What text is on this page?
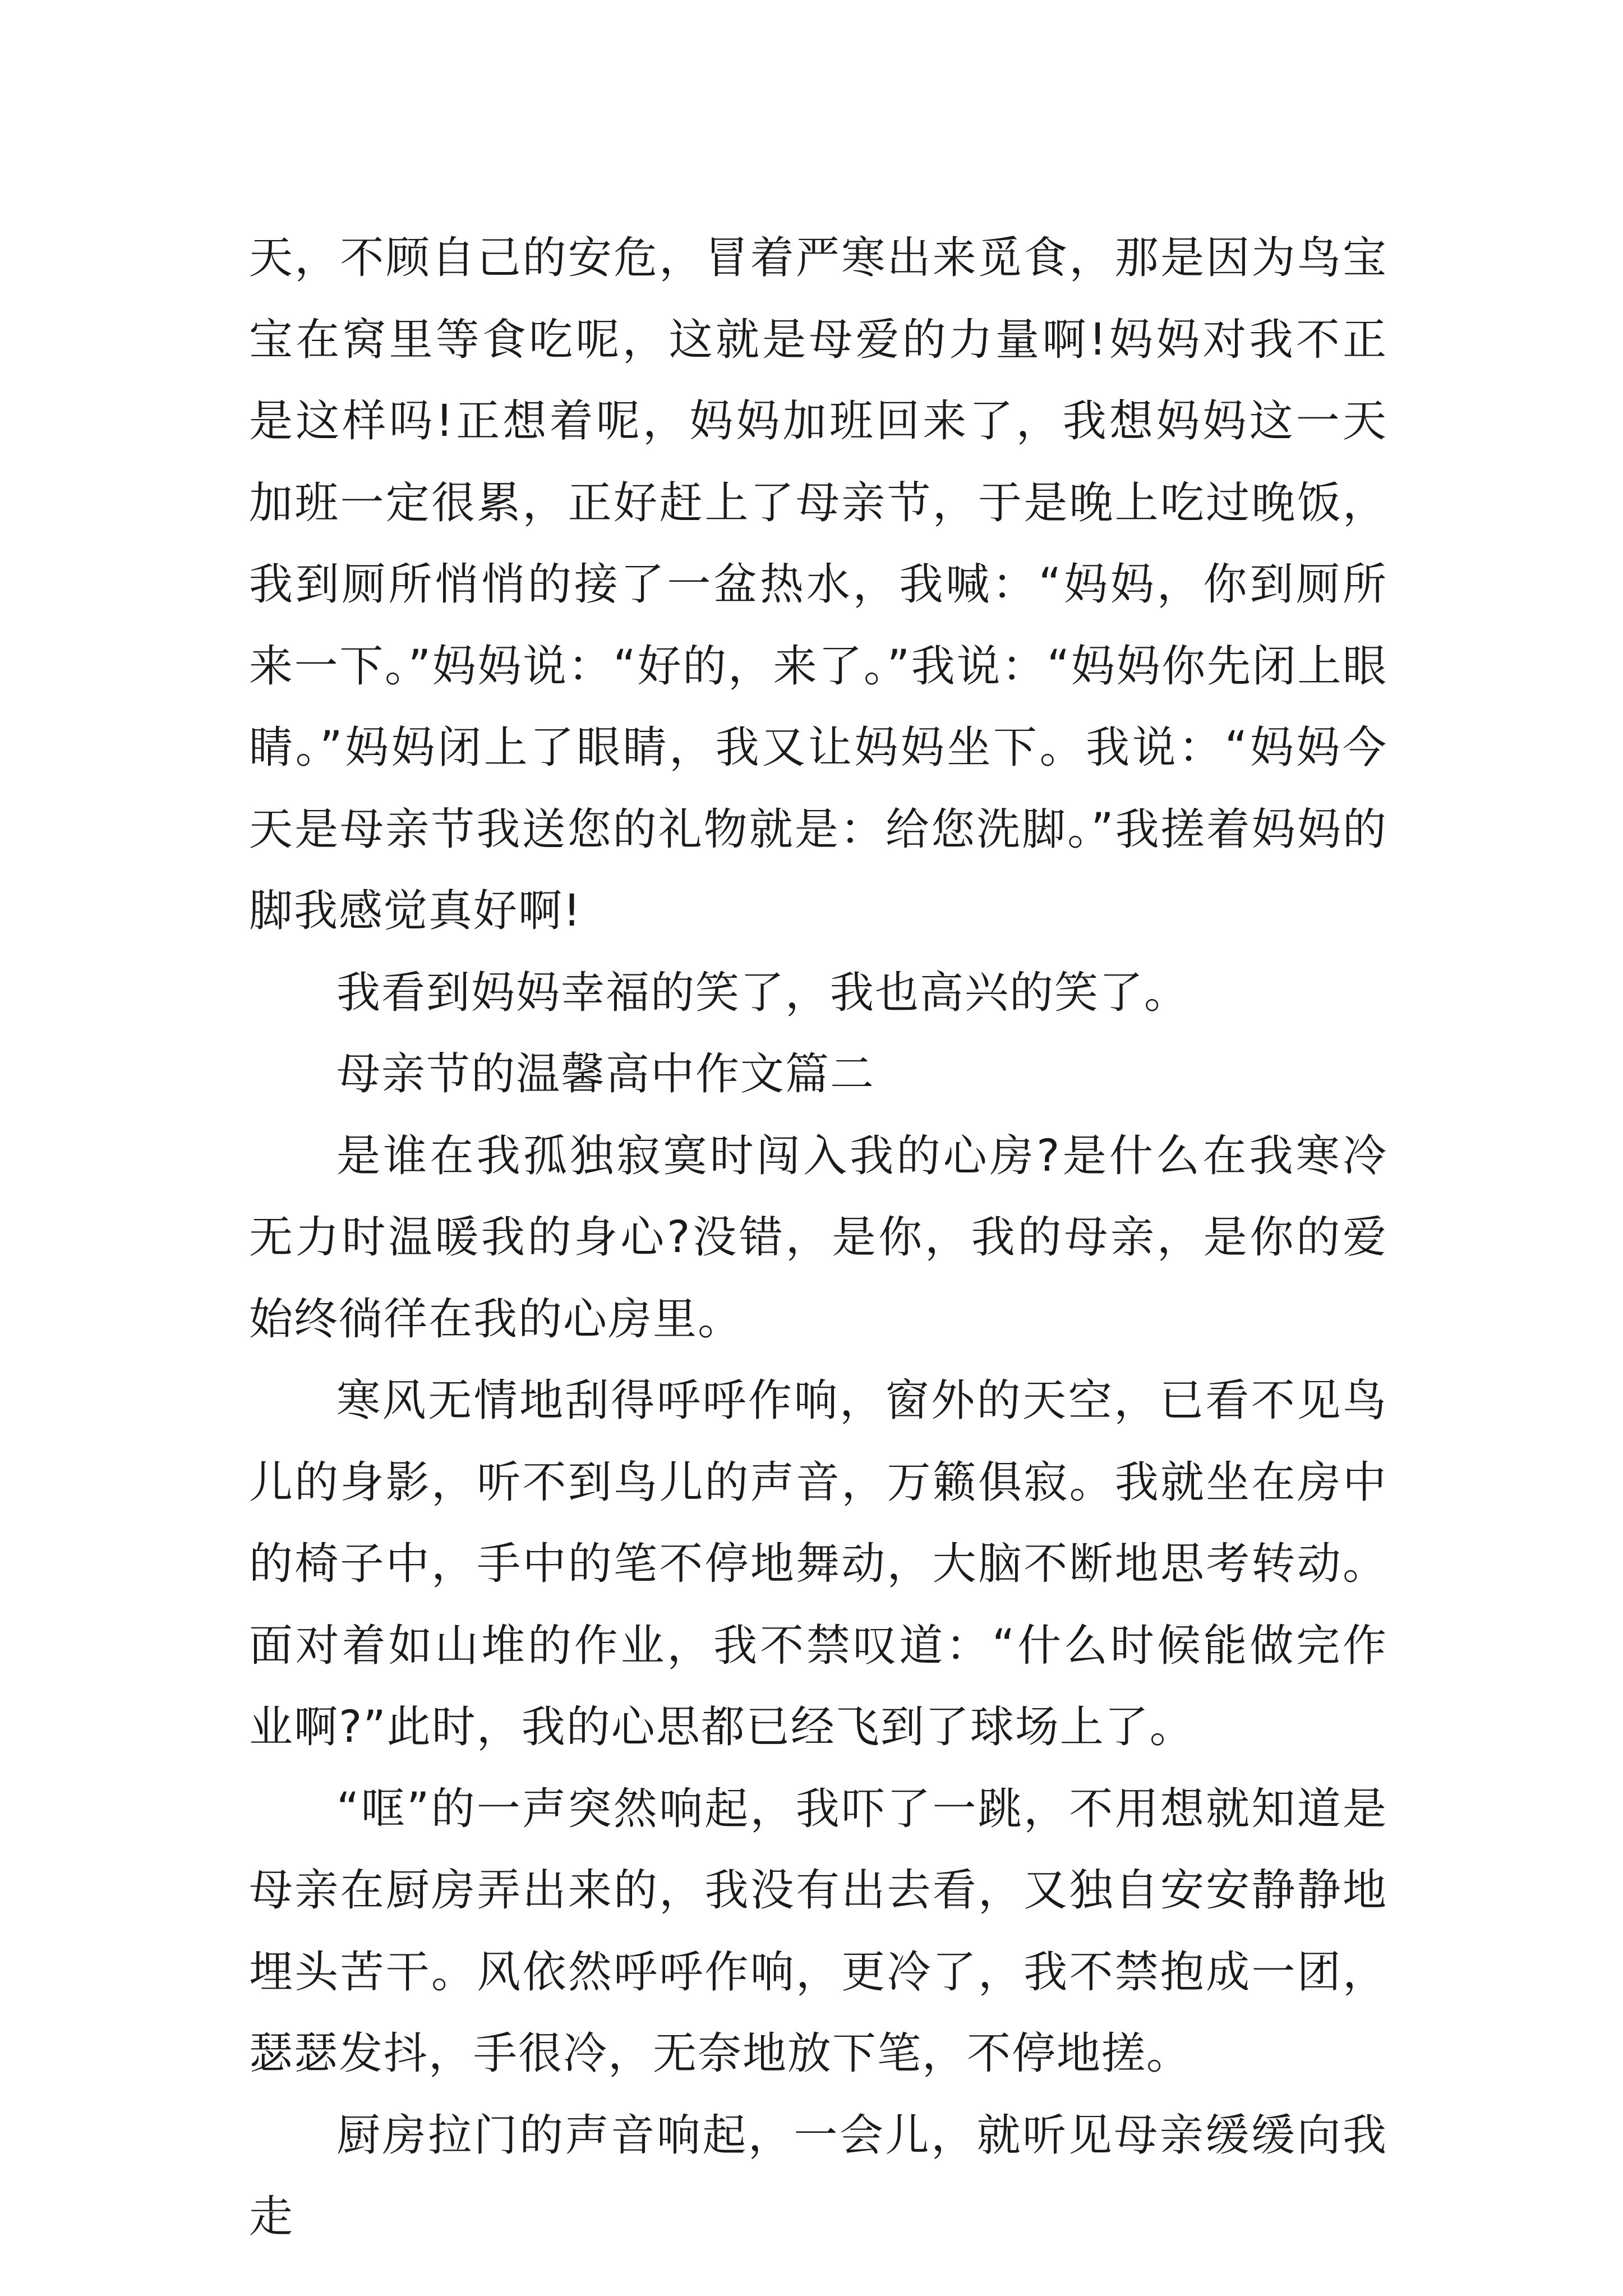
天，不顾自己的安危，冒着严寒出来觅食，那是因为鸟宝宝在窝里等食吃呢，这就是母爱的力量啊!妈妈对我不正是这样吗!正想着呢，妈妈加班回来了，我想妈妈这一天加班一定很累，正好赶上了母亲节，于是晚上吃过晚饭，我到厕所悄悄的接了一盆热水，我喊：“妈妈，你到厕所来一下。”妈妈说：“好的，来了。”我说：“妈妈你先闭上眼睛。”妈妈闭上了眼睛，我又让妈妈坐下。我说：“妈妈今天是母亲节我送您的礼物就是：给您洗脚。”我搓着妈妈的脚我感觉真好啊!

我看到妈妈幸福的笑了，我也高兴的笑了。

母亲节的温馨高中作文篇二

是谁在我孤独寂寞时闯入我的心房?是什么在我寒冷无力时温暖我的身心?没错，是你，我的母亲，是你的爱始终徜徉在我的心房里。

寒风无情地刮得呼呼作响，窗外的天空，已看不见鸟儿的身影，听不到鸟儿的声音，万籁俱寂。我就坐在房中的椅子中，手中的笔不停地舞动，大脑不断地思考转动。面对着如山堆的作业，我不禁叹道：“什么时候能做完作业啊?”此时，我的心思都已经飞到了球场上了。

“哐”的一声突然响起，我吓了一跳，不用想就知道是母亲在厨房弄出来的，我没有出去看，又独自安安静静地埋头苦干。风依然呼呼作响，更冷了，我不禁抱成一团，瑟瑟发抖，手很冷，无奈地放下笔，不停地搓。

厨房拉门的声音响起，一会儿，就听见母亲缓缓向我走
